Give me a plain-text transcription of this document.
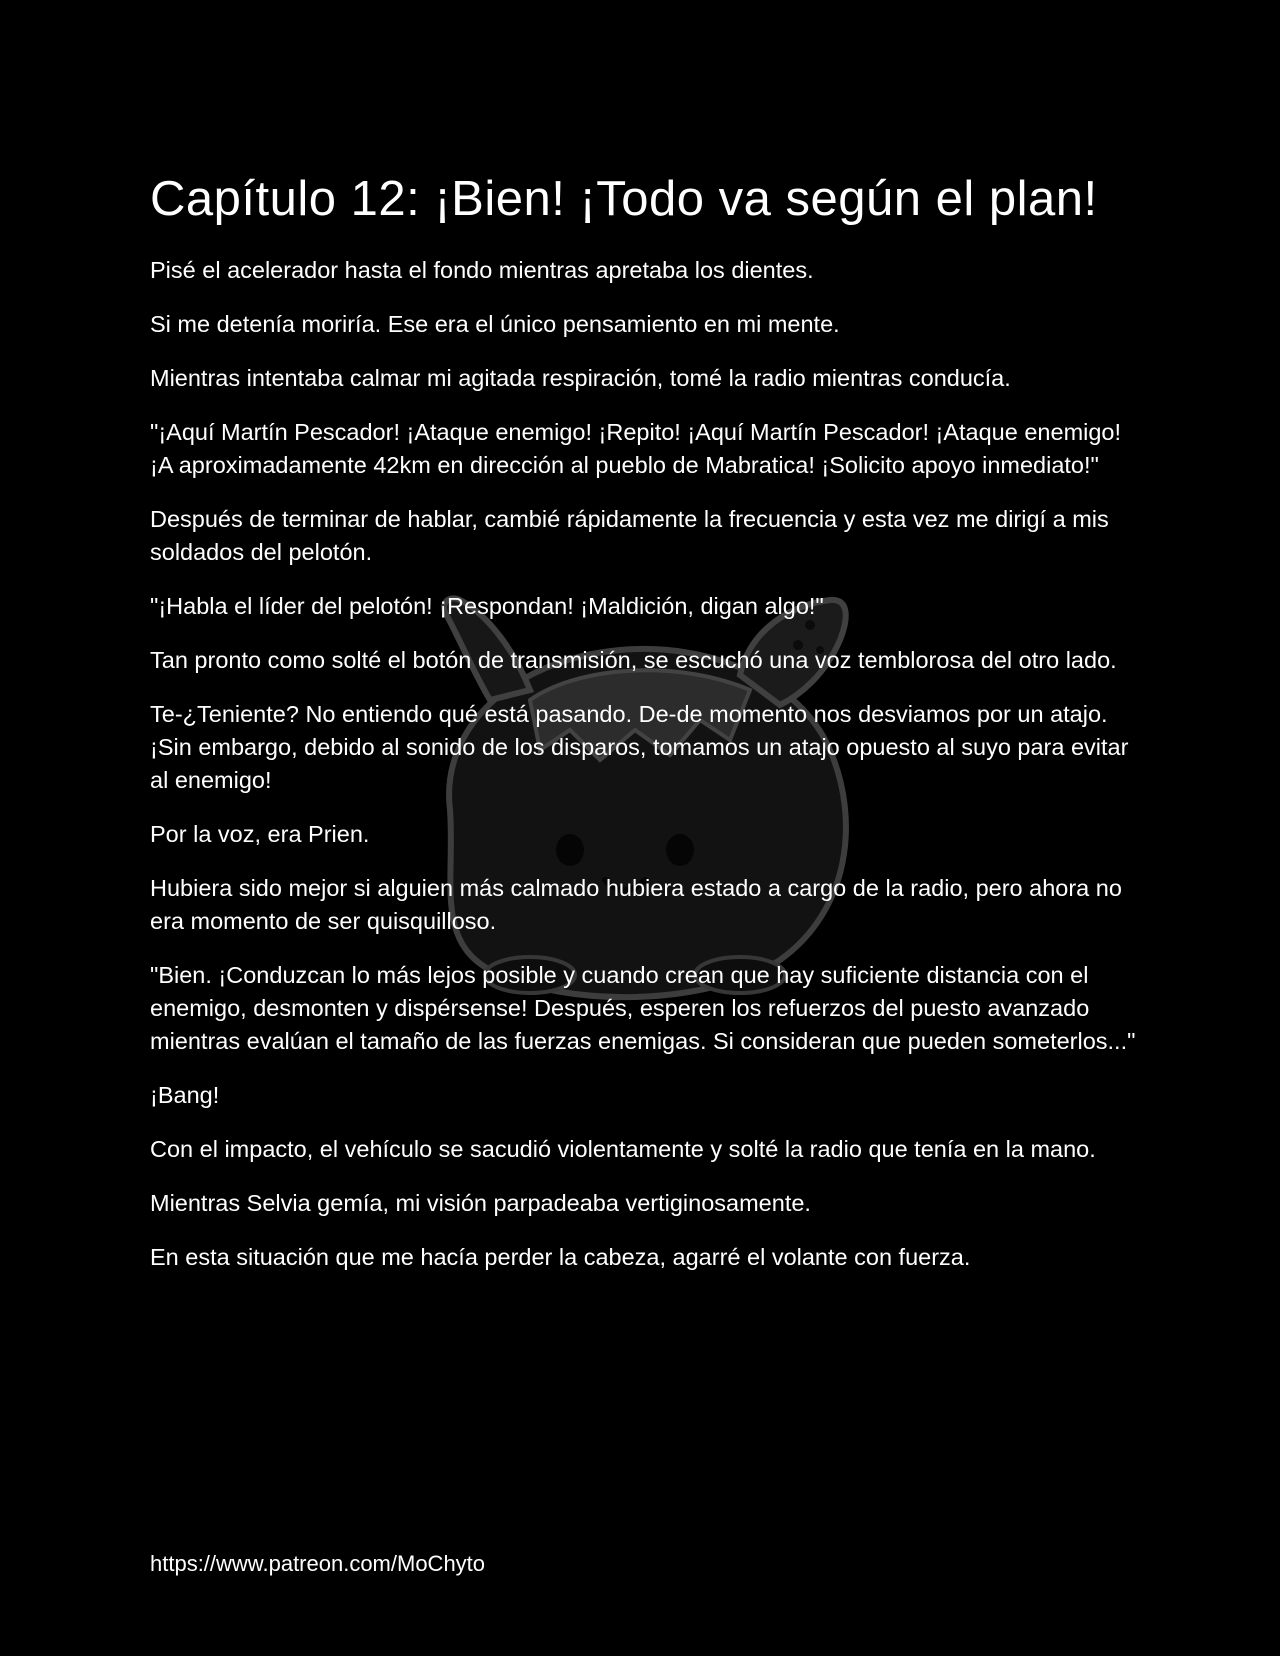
Capítulo 12: ¡Bien! ¡Todo va según el plan!

Pisé el acelerador hasta el fondo mientras apretaba los dientes.

Si me detenía moriría. Ese era el único pensamiento en mi mente.

Mientras intentaba calmar mi agitada respiración, tomé la radio mientras conducía.

"¡Aquí Martín Pescador! ¡Ataque enemigo! ¡Repito! ¡Aquí Martín Pescador! ¡Ataque enemigo! ¡A aproximadamente 42km en dirección al pueblo de Mabratica! ¡Solicito apoyo inmediato!"

Después de terminar de hablar, cambié rápidamente la frecuencia y esta vez me dirigí a mis soldados del pelotón.

"¡Habla el líder del pelotón! ¡Respondan! ¡Maldición, digan algo!"

Tan pronto como solté el botón de transmisión, se escuchó una voz temblorosa del otro lado.

Te-¿Teniente? No entiendo qué está pasando. De-de momento nos desviamos por un atajo. ¡Sin embargo, debido al sonido de los disparos, tomamos un atajo opuesto al suyo para evitar al enemigo!

Por la voz, era Prien.

Hubiera sido mejor si alguien más calmado hubiera estado a cargo de la radio, pero ahora no era momento de ser quisquilloso.

"Bien. ¡Conduzcan lo más lejos posible y cuando crean que hay suficiente distancia con el enemigo, desmonten y dispérsense! Después, esperen los refuerzos del puesto avanzado mientras evalúan el tamaño de las fuerzas enemigas. Si consideran que pueden someterlos..."

¡Bang!

Con el impacto, el vehículo se sacudió violentamente y solté la radio que tenía en la mano.

Mientras Selvia gemía, mi visión parpadeaba vertiginosamente.

En esta situación que me hacía perder la cabeza, agarré el volante con fuerza.

https://www.patreon.com/MoChyto
